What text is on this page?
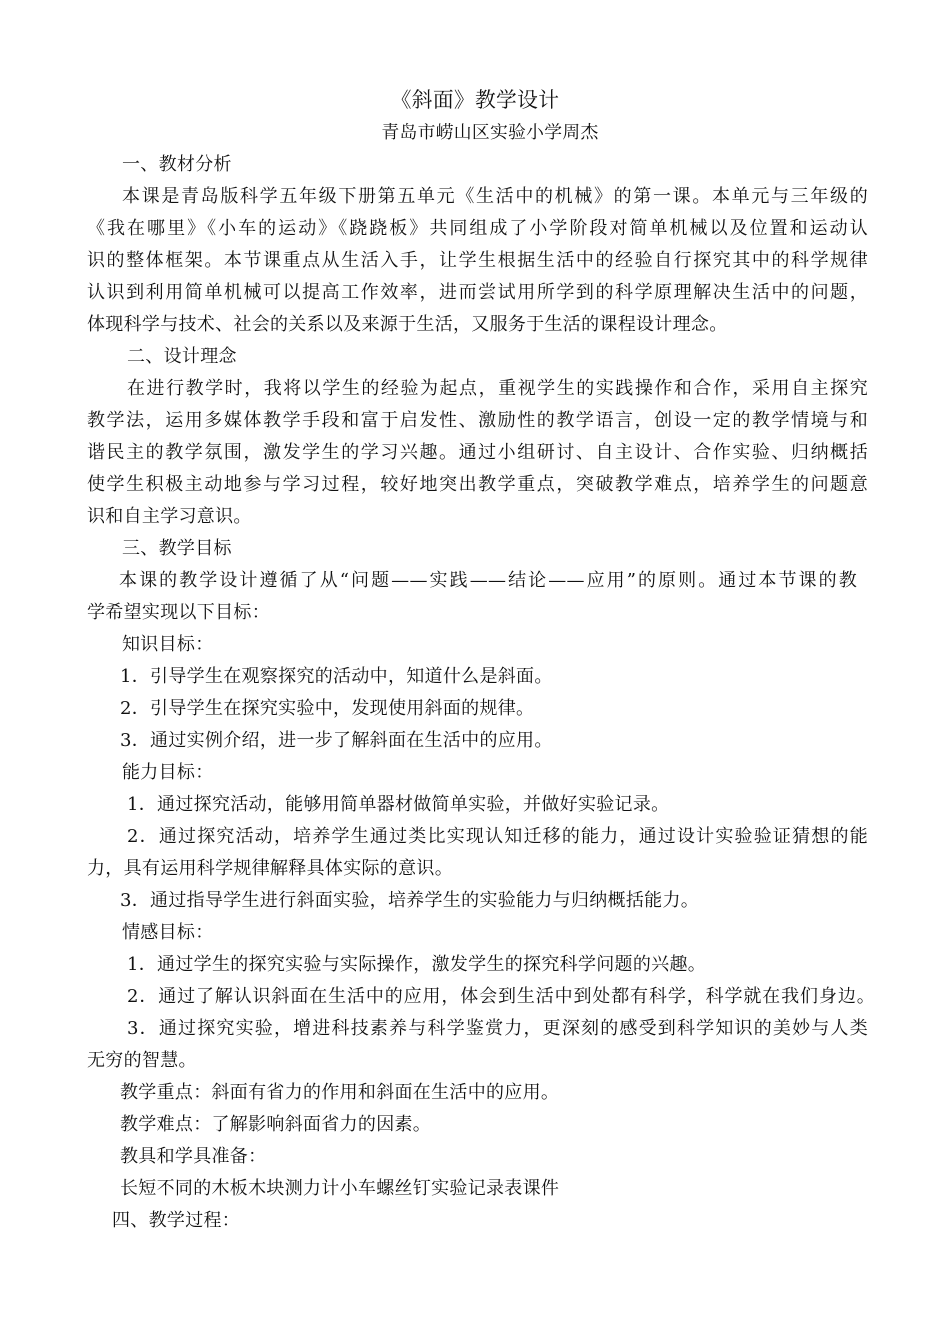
《斜面》教学设计
青岛市崂山区实验小学周杰
一、教材分析
本课是青岛版科学五年级下册第五单元《生活中的机械》的第一课。本单元与三年级的
《我在哪里》《小车的运动》《跷跷板》共同组成了小学阶段对简单机械以及位置和运动认
识的整体框架。本节课重点从生活入手，让学生根据生活中的经验自行探究其中的科学规律
认识到利用简单机械可以提高工作效率，进而尝试用所学到的科学原理解决生活中的问题，
体现科学与技术、社会的关系以及来源于生活，又服务于生活的课程设计理念。
二、设计理念
在进行教学时，我将以学生的经验为起点，重视学生的实践操作和合作，采用自主探究
教学法，运用多媒体教学手段和富于启发性、激励性的教学语言，创设一定的教学情境与和
谐民主的教学氛围，激发学生的学习兴趣。通过小组研讨、自主设计、合作实验、归纳概括
使学生积极主动地参与学习过程，较好地突出教学重点，突破教学难点，培养学生的问题意
识和自主学习意识。
三、教学目标
本课的教学设计遵循了从“问题——实践——结论——应用”的原则。通过本节课的教
学希望实现以下目标：
知识目标：
1．引导学生在观察探究的活动中，知道什么是斜面。
2．引导学生在探究实验中，发现使用斜面的规律。
3．通过实例介绍，进一步了解斜面在生活中的应用。
能力目标：
1．通过探究活动，能够用简单器材做简单实验，并做好实验记录。
2．通过探究活动，培养学生通过类比实现认知迁移的能力，通过设计实验验证猜想的能
力，具有运用科学规律解释具体实际的意识。
3．通过指导学生进行斜面实验，培养学生的实验能力与归纳概括能力。
情感目标：
1．通过学生的探究实验与实际操作，激发学生的探究科学问题的兴趣。
2．通过了解认识斜面在生活中的应用，体会到生活中到处都有科学，科学就在我们身边。
3．通过探究实验，增进科技素养与科学鉴赏力，更深刻的感受到科学知识的美妙与人类
无穷的智慧。
教学重点：斜面有省力的作用和斜面在生活中的应用。
教学难点：了解影响斜面省力的因素。
教具和学具准备：
长短不同的木板木块测力计小车螺丝钉实验记录表课件
四、教学过程：
